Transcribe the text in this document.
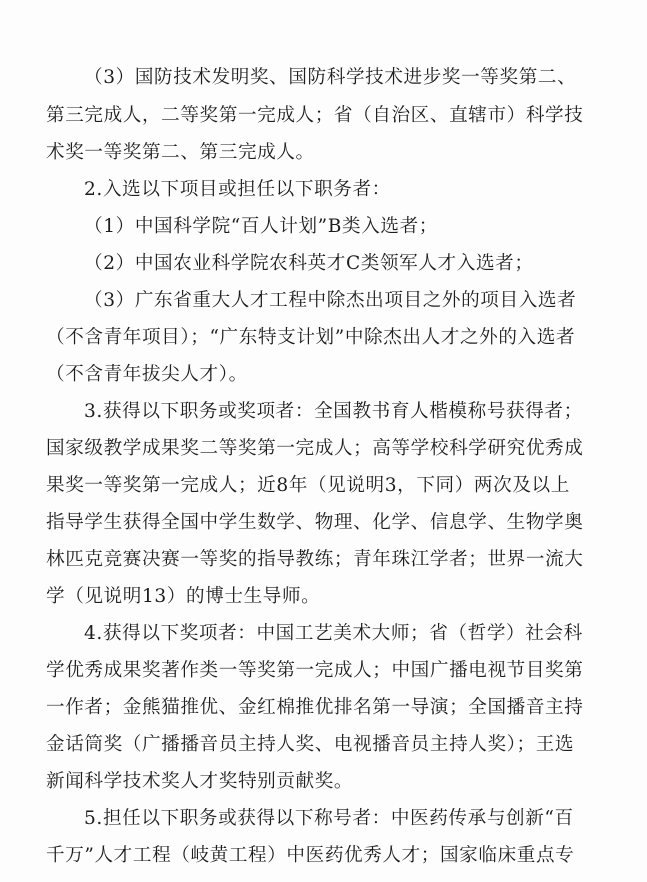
（3）国防技术发明奖、国防科学技术进步奖一等奖第二、
第三完成人，二等奖第一完成人；省（自治区、直辖市）科学技
术奖一等奖第二、第三完成人。
2.入选以下项目或担任以下职务者：
（1）中国科学院“百人计划”B类入选者；
（2）中国农业科学院农科英才C类领军人才入选者；
（3）广东省重大人才工程中除杰出项目之外的项目入选者
（不含青年项目）；“广东特支计划”中除杰出人才之外的入选者
（不含青年拔尖人才）。
3.获得以下职务或奖项者：全国教书育人楷模称号获得者；
国家级教学成果奖二等奖第一完成人；高等学校科学研究优秀成
果奖一等奖第一完成人；近8年（见说明3，下同）两次及以上
指导学生获得全国中学生数学、物理、化学、信息学、生物学奥
林匹克竞赛决赛一等奖的指导教练；青年珠江学者；世界一流大
学（见说明13）的博士生导师。
4.获得以下奖项者：中国工艺美术大师；省（哲学）社会科
学优秀成果奖著作类一等奖第一完成人；中国广播电视节目奖第
一作者；金熊猫推优、金红棉推优排名第一导演；全国播音主持
金话筒奖（广播播音员主持人奖、电视播音员主持人奖）；王选
新闻科学技术奖人才奖特别贡献奖。
5.担任以下职务或获得以下称号者：中医药传承与创新“百
千万”人才工程（岐黄工程）中医药优秀人才；国家临床重点专
